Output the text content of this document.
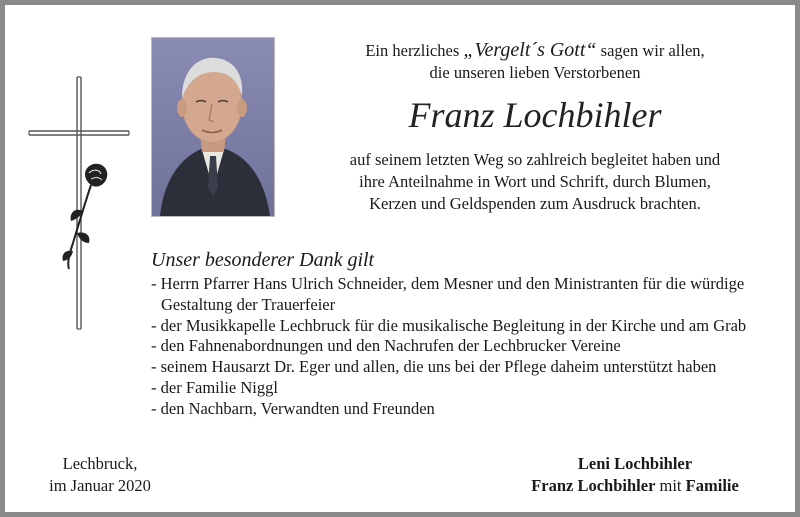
Ein herzliches „Vergelt´s Gott“ sagen wir allen,
die unseren lieben Verstorbenen
Franz Lochbihler
auf seinem letzten Weg so zahlreich begleitet haben und
ihre Anteilnahme in Wort und Schrift, durch Blumen,
Kerzen und Geldspenden zum Ausdruck brachten.
Unser besonderer Dank gilt
- Herrn Pfarrer Hans Ulrich Schneider, dem Mesner und den Ministranten für die würdige Gestaltung der Trauerfeier
- der Musikkapelle Lechbruck für die musikalische Begleitung in der Kirche und am Grab
- den Fahnenabordnungen und den Nachrufen der Lechbrucker Vereine
- seinem Hausarzt Dr. Eger und allen, die uns bei der Pflege daheim unterstützt haben
- der Familie Niggl
- den Nachbarn, Verwandten und Freunden
Lechbruck,
im Januar 2020
Leni Lochbihler
Franz Lochbihler mit Familie
